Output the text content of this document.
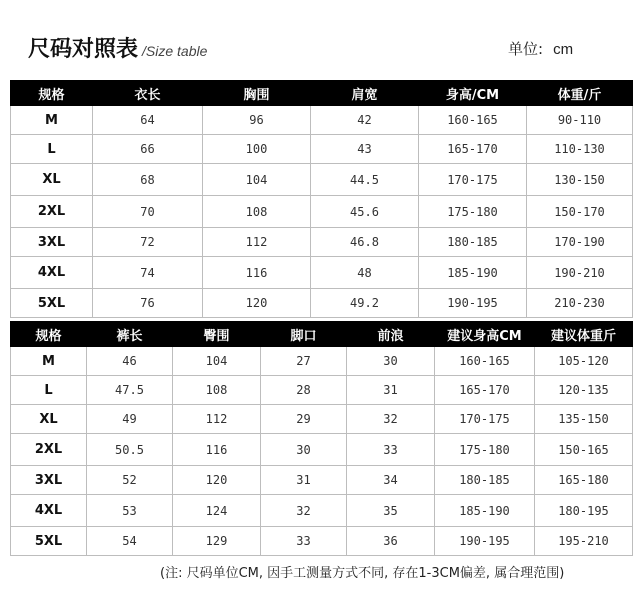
尺码对照表 /Size table	单位: cm
规格	衣长	胸围	肩宽	身高/CM	体重/斤
M	64	96	42	160-165	90-110
L	66	100	43	165-170	110-130
XL	68	104	44.5	170-175	130-150
2XL	70	108	45.6	175-180	150-170
3XL	72	112	46.8	180-185	170-190
4XL	74	116	48	185-190	190-210
5XL	76	120	49.2	190-195	210-230
规格	裤长	臀围	脚口	前浪	建议身高CM	建议体重斤
M	46	104	27	30	160-165	105-120
L	47.5	108	28	31	165-170	120-135
XL	49	112	29	32	170-175	135-150
2XL	50.5	116	30	33	175-180	150-165
3XL	52	120	31	34	180-185	165-180
4XL	53	124	32	35	185-190	180-195
5XL	54	129	33	36	190-195	195-210
(注: 尺码单位CM, 因手工测量方式不同, 存在1-3CM偏差, 属合理范围)
